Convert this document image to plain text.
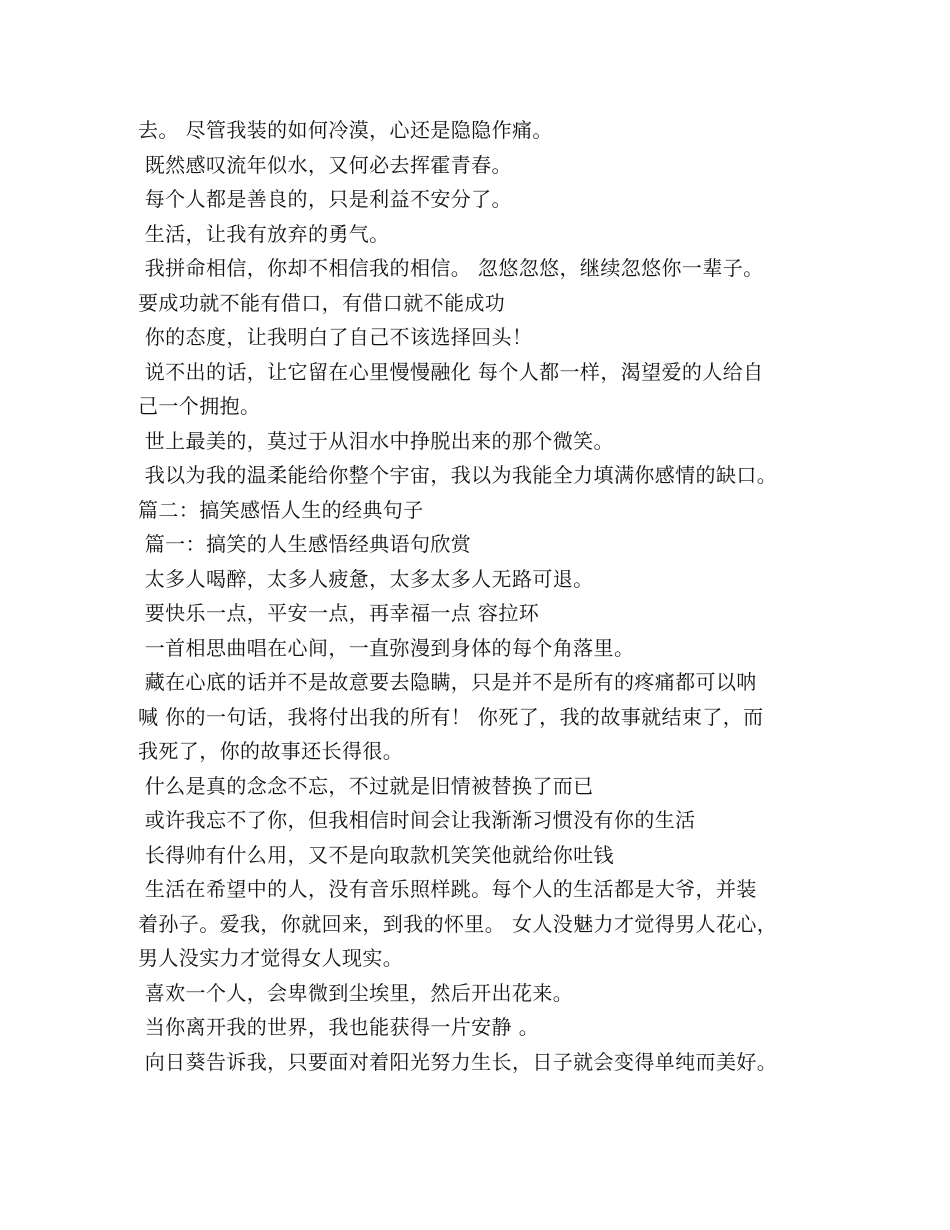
去。 尽管我装的如何冷漠，心还是隐隐作痛。
既然感叹流年似水，又何必去挥霍青春。
每个人都是善良的，只是利益不安分了。
生活，让我有放弃的勇气。
我拼命相信，你却不相信我的相信。 忽悠忽悠，继续忽悠你一辈子。
要成功就不能有借口，有借口就不能成功
你的态度，让我明白了自己不该选择回头！
说不出的话，让它留在心里慢慢融化 每个人都一样，渴望爱的人给自
己一个拥抱。
世上最美的，莫过于从泪水中挣脱出来的那个微笑。
我以为我的温柔能给你整个宇宙，我以为我能全力填满你感情的缺口。
篇二：搞笑感悟人生的经典句子
篇一：搞笑的人生感悟经典语句欣赏
太多人喝醉，太多人疲惫，太多太多人无路可退。
要快乐一点，平安一点，再幸福一点 容拉环
一首相思曲唱在心间，一直弥漫到身体的每个角落里。
藏在心底的话并不是故意要去隐瞒，只是并不是所有的疼痛都可以呐
喊 你的一句话，我将付出我的所有！ 你死了，我的故事就结束了，而
我死了，你的故事还长得很。
什么是真的念念不忘，不过就是旧情被替换了而已
或许我忘不了你，但我相信时间会让我渐渐习惯没有你的生活
长得帅有什么用，又不是向取款机笑笑他就给你吐钱
生活在希望中的人，没有音乐照样跳。每个人的生活都是大爷，并装
着孙子。爱我，你就回来，到我的怀里。 女人没魅力才觉得男人花心，
男人没实力才觉得女人现实。
喜欢一个人，会卑微到尘埃里，然后开出花来。
当你离开我的世界，我也能获得一片安静 。
向日葵告诉我，只要面对着阳光努力生长，日子就会变得单纯而美好。
